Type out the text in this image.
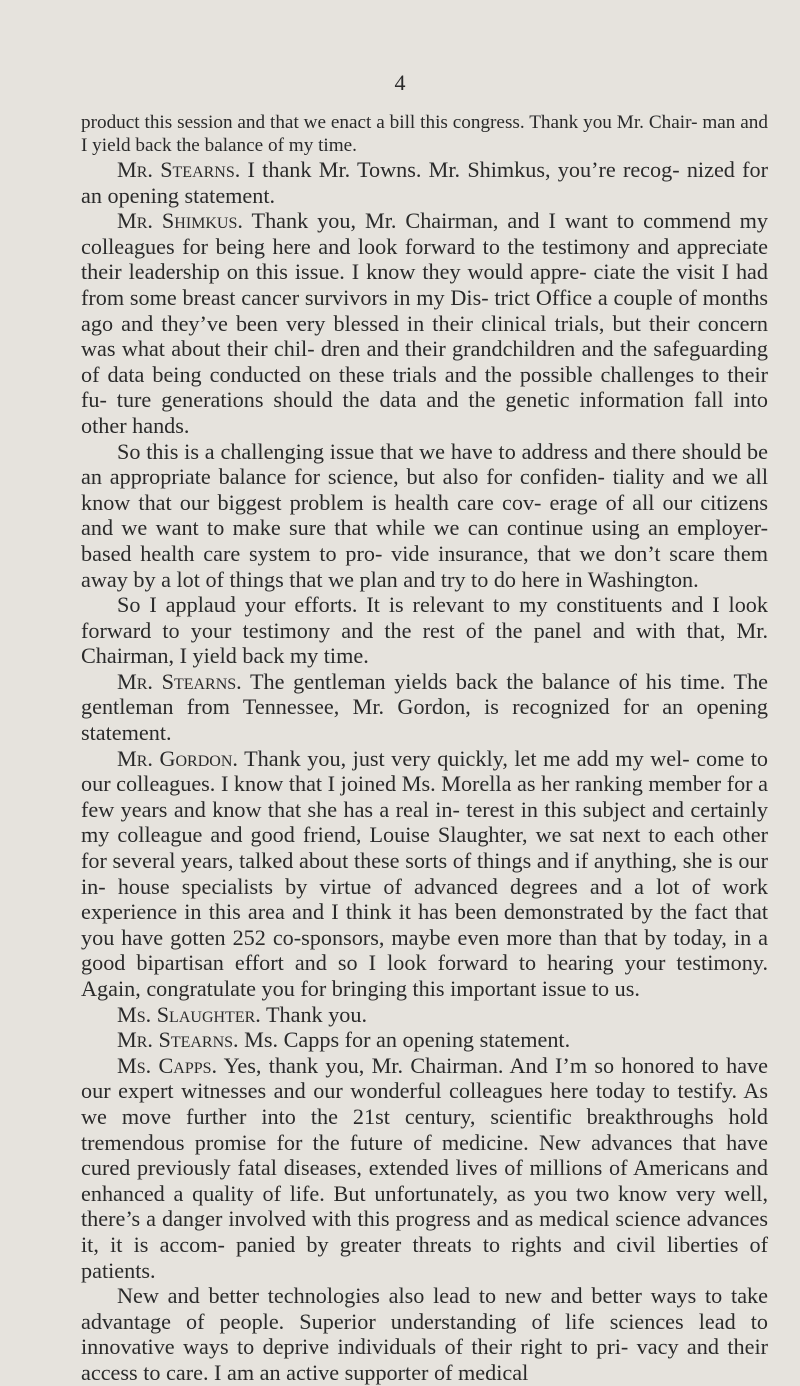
4

product this session and that we enact a bill this congress. Thank you Mr. Chair- man and I yield back the balance of my time.

Mr. Stearns. I thank Mr. Towns. Mr. Shimkus, you’re recog- nized for an opening statement.

Mr. Shimkus. Thank you, Mr. Chairman, and I want to commend my colleagues for being here and look forward to the testimony and appreciate their leadership on this issue. I know they would appre- ciate the visit I had from some breast cancer survivors in my Dis- trict Office a couple of months ago and they’ve been very blessed in their clinical trials, but their concern was what about their chil- dren and their grandchildren and the safeguarding of data being conducted on these trials and the possible challenges to their fu- ture generations should the data and the genetic information fall into other hands.

So this is a challenging issue that we have to address and there should be an appropriate balance for science, but also for confiden- tiality and we all know that our biggest problem is health care cov- erage of all our citizens and we want to make sure that while we can continue using an employer-based health care system to pro- vide insurance, that we don’t scare them away by a lot of things that we plan and try to do here in Washington.

So I applaud your efforts. It is relevant to my constituents and I look forward to your testimony and the rest of the panel and with that, Mr. Chairman, I yield back my time.

Mr. Stearns. The gentleman yields back the balance of his time. The gentleman from Tennessee, Mr. Gordon, is recognized for an opening statement.

Mr. Gordon. Thank you, just very quickly, let me add my wel- come to our colleagues. I know that I joined Ms. Morella as her ranking member for a few years and know that she has a real in- terest in this subject and certainly my colleague and good friend, Louise Slaughter, we sat next to each other for several years, talked about these sorts of things and if anything, she is our in- house specialists by virtue of advanced degrees and a lot of work experience in this area and I think it has been demonstrated by the fact that you have gotten 252 co-sponsors, maybe even more than that by today, in a good bipartisan effort and so I look forward to hearing your testimony. Again, congratulate you for bringing this important issue to us.

Ms. Slaughter. Thank you.

Mr. Stearns. Ms. Capps for an opening statement.

Ms. Capps. Yes, thank you, Mr. Chairman. And I’m so honored to have our expert witnesses and our wonderful colleagues here today to testify. As we move further into the 21st century, scientific breakthroughs hold tremendous promise for the future of medicine. New advances that have cured previously fatal diseases, extended lives of millions of Americans and enhanced a quality of life. But unfortunately, as you two know very well, there’s a danger involved with this progress and as medical science advances it, it is accom- panied by greater threats to rights and civil liberties of patients.

New and better technologies also lead to new and better ways to take advantage of people. Superior understanding of life sciences lead to innovative ways to deprive individuals of their right to pri- vacy and their access to care. I am an active supporter of medical
